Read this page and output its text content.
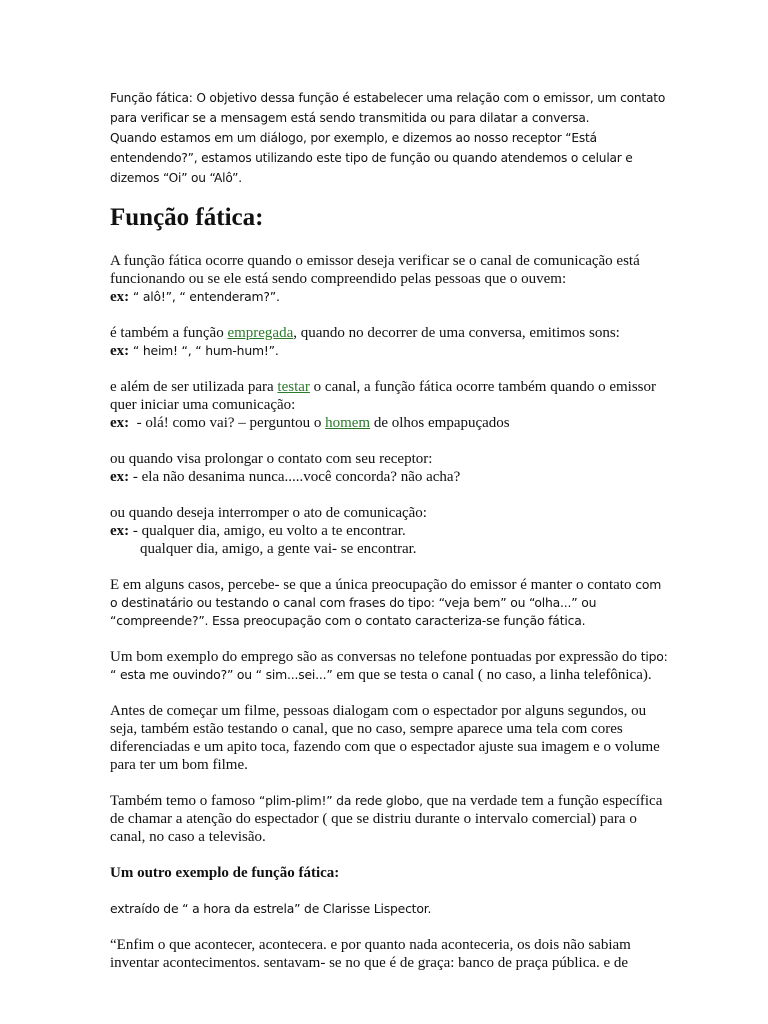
Função fática: O objetivo dessa função é estabelecer uma relação com o emissor, um contato para verificar se a mensagem está sendo transmitida ou para dilatar a conversa.
Quando estamos em um diálogo, por exemplo, e dizemos ao nosso receptor “Está entendendo?”, estamos utilizando este tipo de função ou quando atendemos o celular e dizemos “Oi” ou “Alô”.
Função fática:

A função fática ocorre quando o emissor deseja verificar se o canal de comunicação está funcionando ou se ele está sendo compreendido pelas pessoas que o ouvem:
ex: “ alô!”, “ entenderam?”.

é também a função empregada, quando no decorrer de uma conversa, emitimos sons:
ex: “ heim! “, “ hum-hum!”.

e além de ser utilizada para testar o canal, a função fática ocorre também quando o emissor quer iniciar uma comunicação:
ex:  - olá! como vai? – perguntou o homem de olhos empapuçados

ou quando visa prolongar o contato com seu receptor:
ex: - ela não desanima nunca.....você concorda? não acha?

ou quando deseja interromper o ato de comunicação:
ex: - qualquer dia, amigo, eu volto a te encontrar.
qualquer dia, amigo, a gente vai- se encontrar.

E em alguns casos, percebe- se que a única preocupação do emissor é manter o contato com o destinatário ou testando o canal com frases do tipo: “veja bem” ou “olha...” ou “compreende?”. Essa preocupação com o contato caracteriza-se função fática.

Um bom exemplo do emprego são as conversas no telefone pontuadas por expressão do tipo: “ esta me ouvindo?” ou “ sim...sei...” em que se testa o canal ( no caso, a linha telefônica).

Antes de começar um filme, pessoas dialogam com o espectador por alguns segundos, ou seja, também estão testando o canal, que no caso, sempre aparece uma tela com cores diferenciadas e um apito toca, fazendo com que o espectador ajuste sua imagem e o volume para ter um bom filme.

Também temo o famoso “plim-plim!” da rede globo, que na verdade tem a função específica de chamar a atenção do espectador ( que se distriu durante o intervalo comercial) para o canal, no caso a televisão.

Um outro exemplo de função fática:

extraído de “ a hora da estrela” de Clarisse Lispector.

“Enfim o que acontecer, acontecera. e por quanto nada aconteceria, os dois não sabiam inventar acontecimentos. sentavam- se no que é de graça: banco de praça pública. e de
